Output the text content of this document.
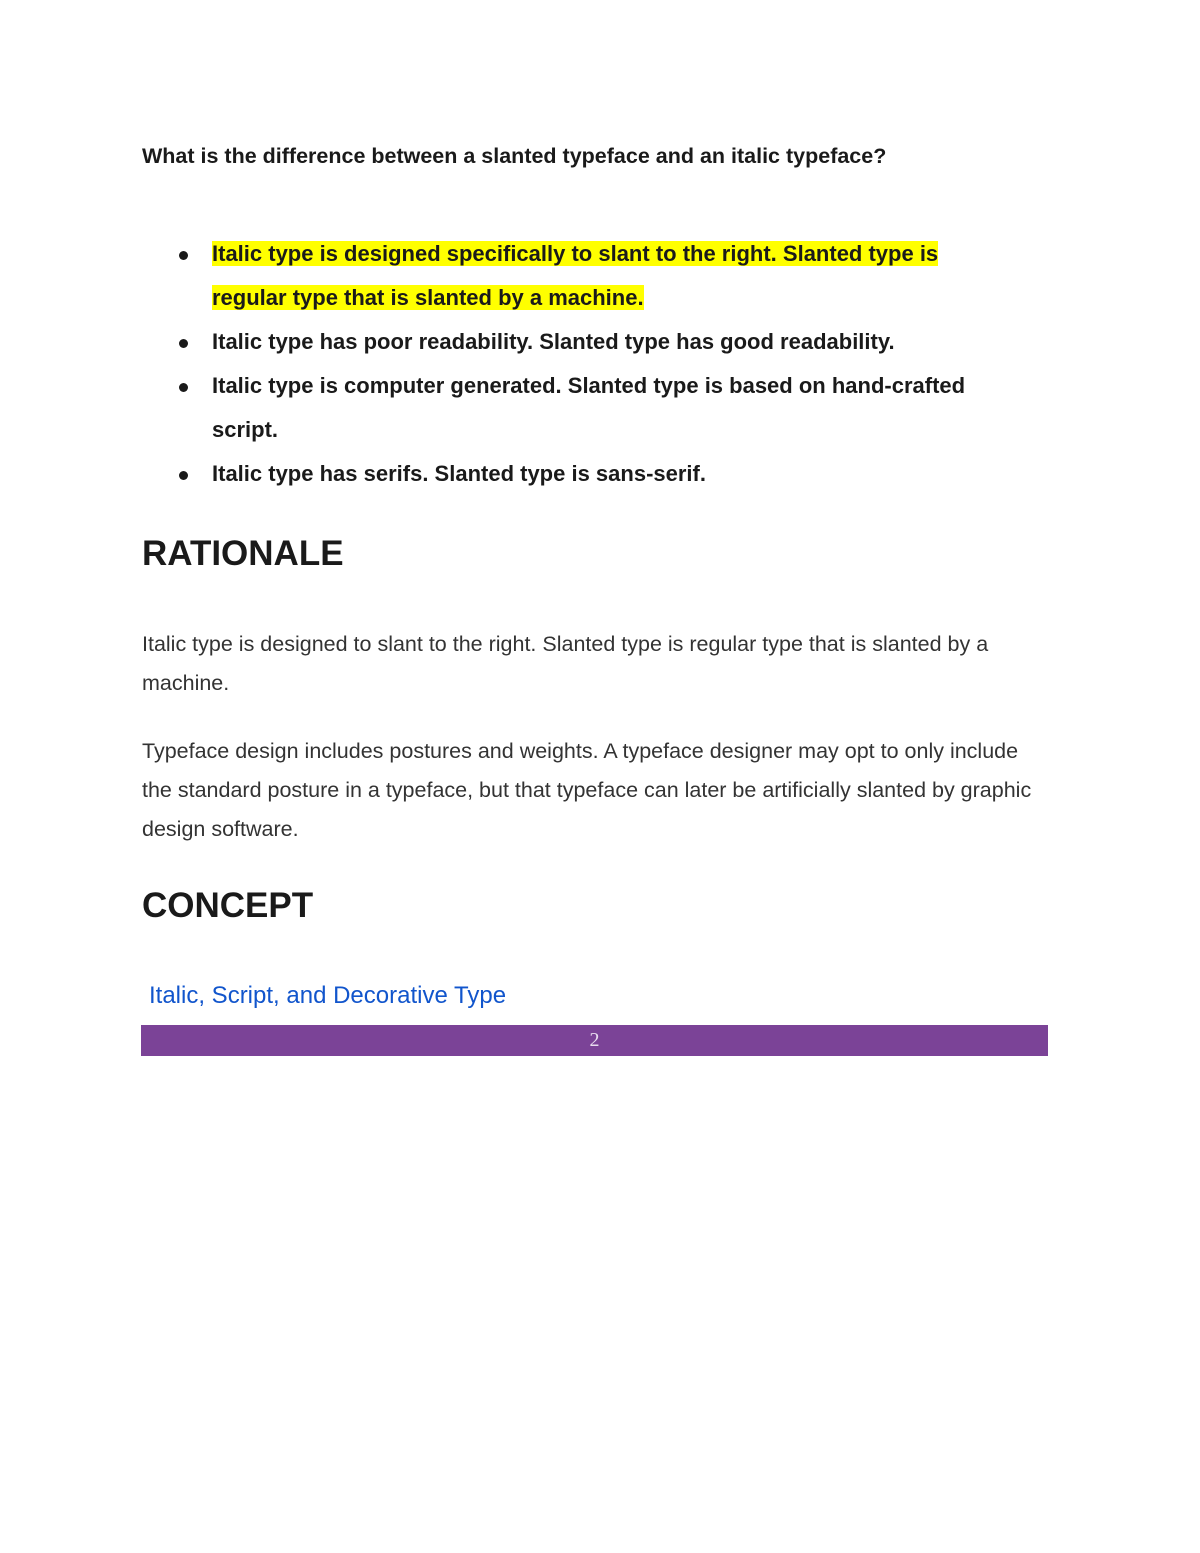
What is the difference between a slanted typeface and an italic typeface?
Italic type is designed specifically to slant to the right. Slanted type is
regular type that is slanted by a machine.
Italic type has poor readability. Slanted type has good readability.
Italic type is computer generated. Slanted type is based on hand-crafted
script.
Italic type has serifs. Slanted type is sans-serif.
RATIONALE

Italic type is designed to slant to the right. Slanted type is regular type that is slanted by a machine.

Typeface design includes postures and weights. A typeface designer may opt to only include the standard posture in a typeface, but that typeface can later be artificially slanted by graphic design software.

CONCEPT
Italic, Script, and Decorative Type
2
